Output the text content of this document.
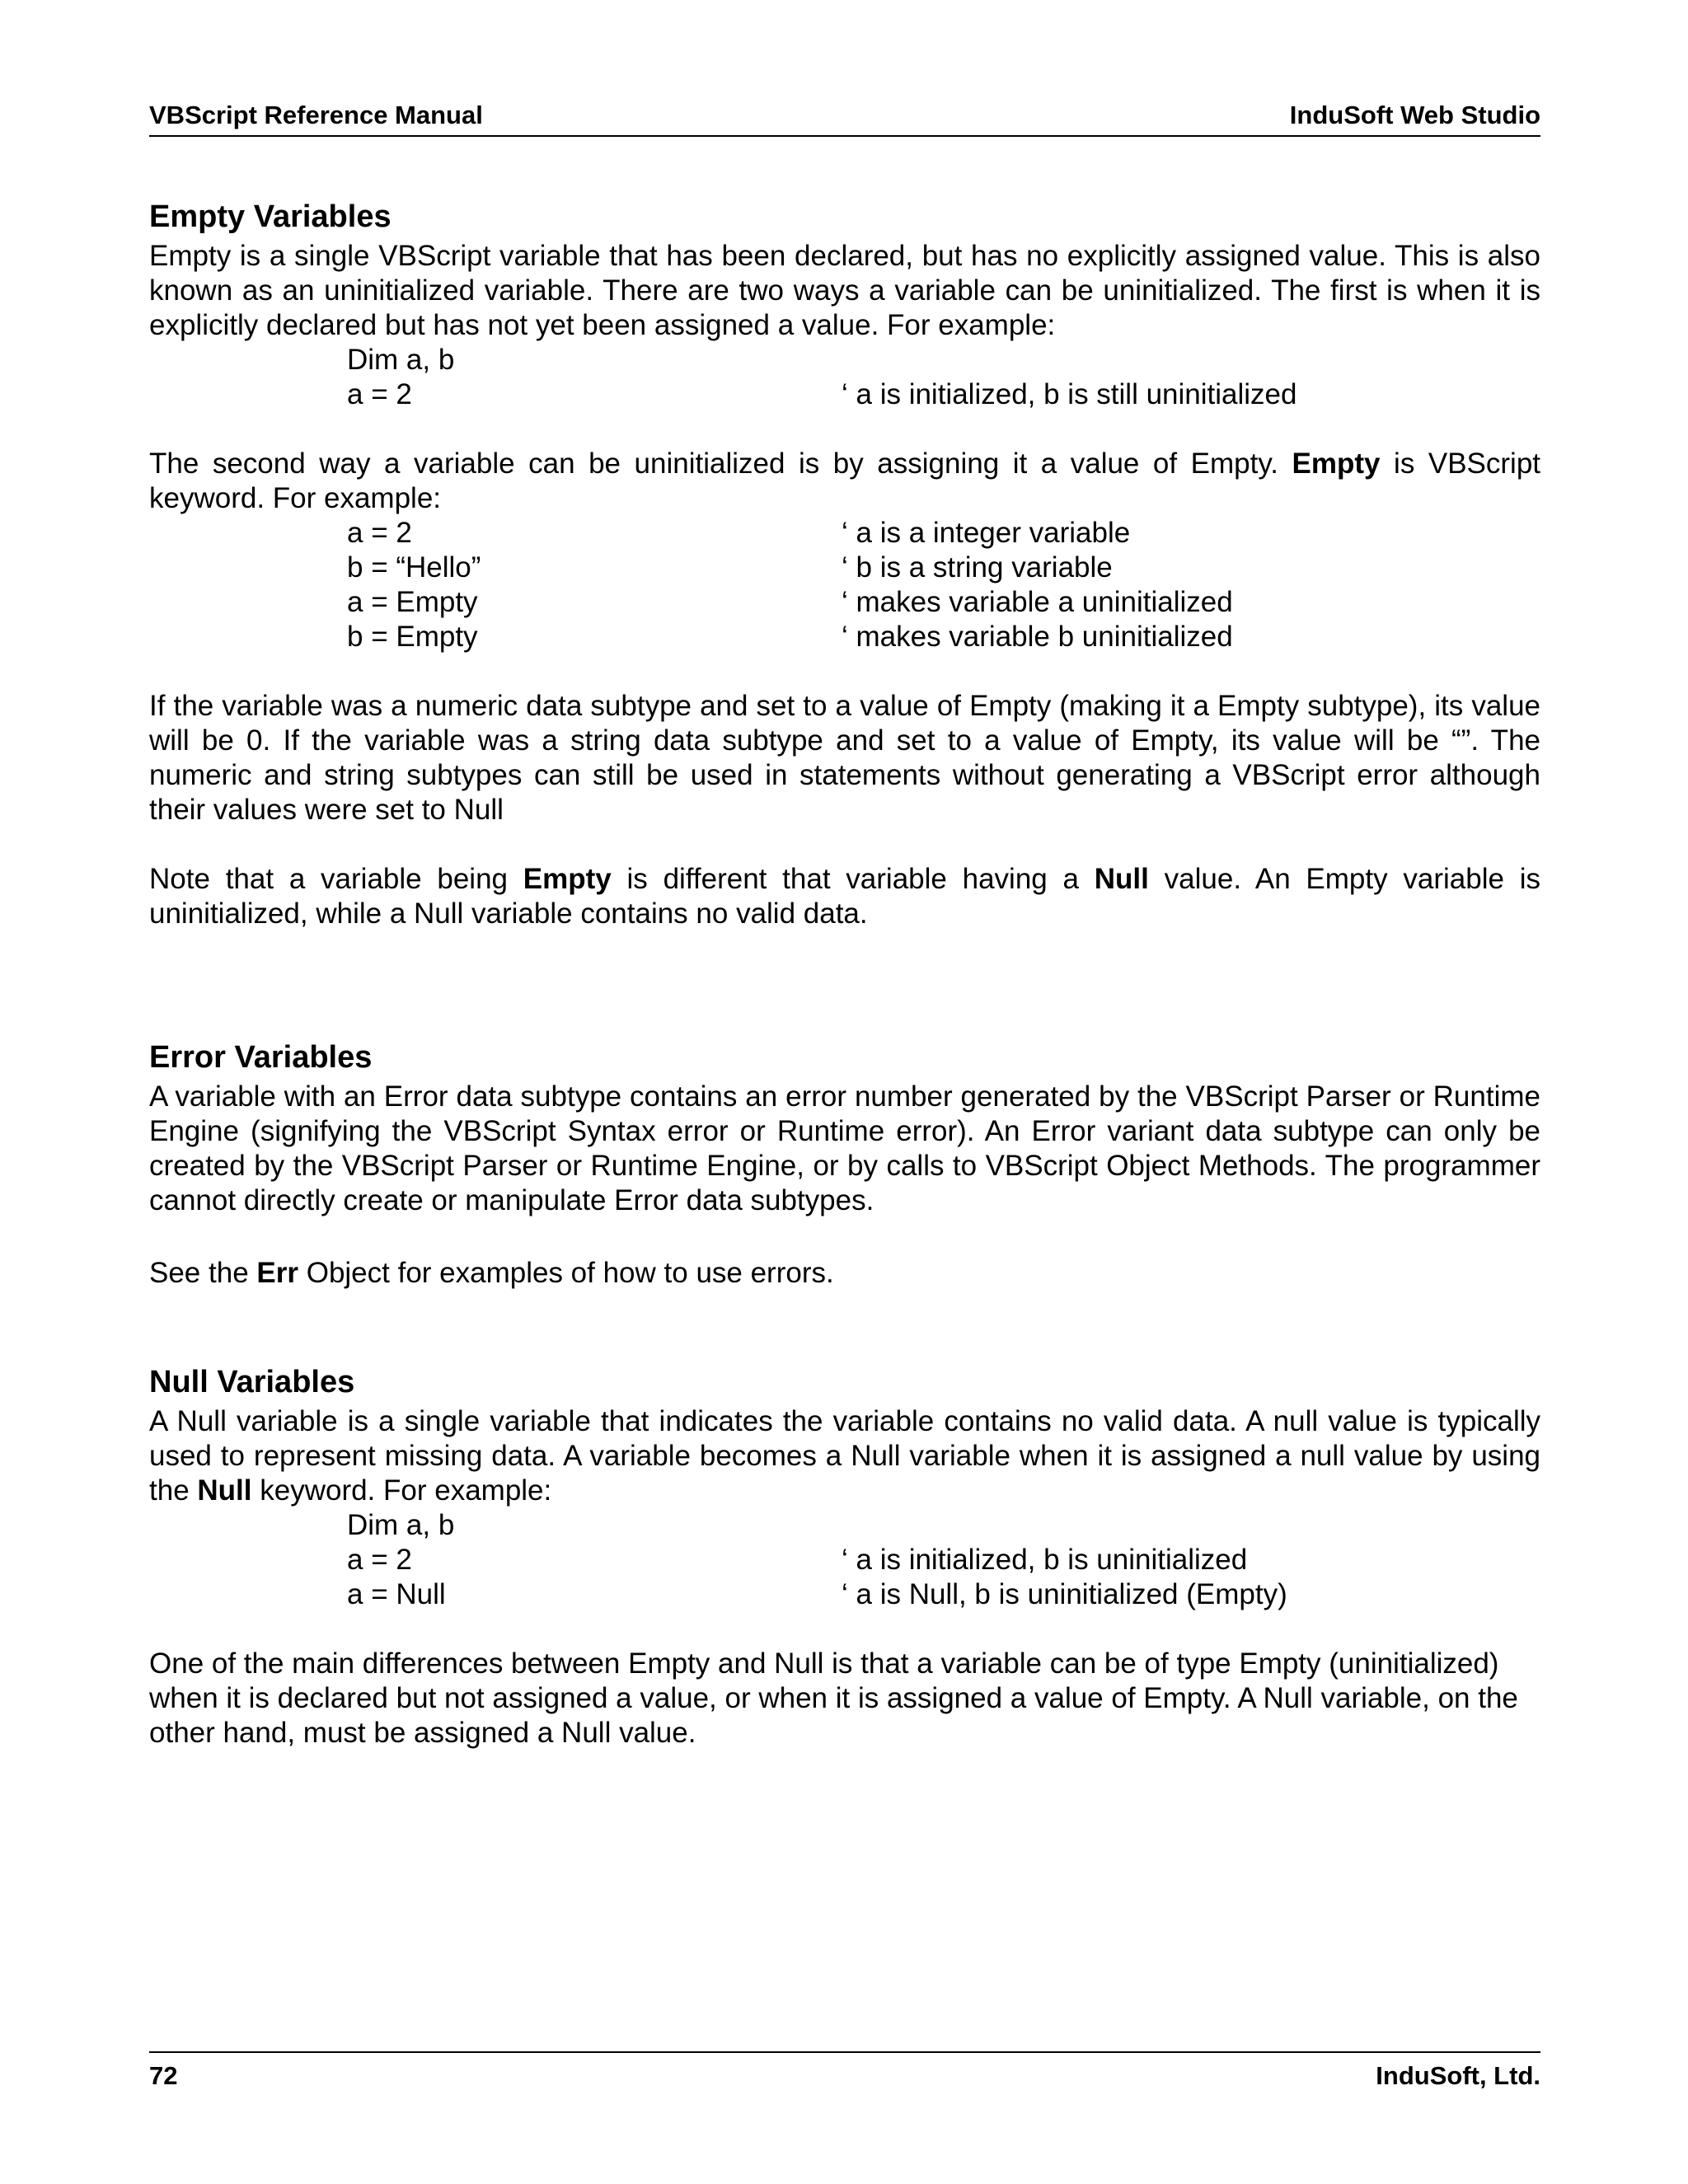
VBScript Reference Manual	InduSoft Web Studio
Empty Variables

Empty is a single VBScript variable that has been declared, but has no explicitly assigned value. This is also known as an uninitialized variable. There are two ways a variable can be uninitialized. The first is when it is explicitly declared but has not yet been assigned a value. For example:

Dim a, b
a = 2	‘ a is initialized, b is still uninitialized

The second way a variable can be uninitialized is by assigning it a value of Empty. Empty is VBScript keyword. For example:

a = 2	‘ a is a integer variable
b = “Hello”	‘ b is a string variable
a = Empty	‘ makes variable a uninitialized
b = Empty	‘ makes variable b uninitialized

If the variable was a numeric data subtype and set to a value of Empty (making it a Empty subtype), its value will be 0. If the variable was a string data subtype and set to a value of Empty, its value will be “”. The numeric and string subtypes can still be used in statements without generating a VBScript error although their values were set to Null

Note that a variable being Empty is different that variable having a Null value. An Empty variable is uninitialized, while a Null variable contains no valid data.

Error Variables

A variable with an Error data subtype contains an error number generated by the VBScript Parser or Runtime Engine (signifying the VBScript Syntax error or Runtime error). An Error variant data subtype can only be created by the VBScript Parser or Runtime Engine, or by calls to VBScript Object Methods. The programmer cannot directly create or manipulate Error data subtypes.

See the Err Object for examples of how to use errors.

Null Variables

A Null variable is a single variable that indicates the variable contains no valid data. A null value is typically used to represent missing data. A variable becomes a Null variable when it is assigned a null value by using the Null keyword. For example:

Dim a, b
a = 2	‘ a is initialized, b is uninitialized
a = Null	‘ a is Null, b is uninitialized (Empty)

One of the main differences between Empty and Null is that a variable can be of type Empty (uninitialized) when it is declared but not assigned a value, or when it is assigned a value of Empty. A Null variable, on the other hand, must be assigned a Null value.

72	InduSoft, Ltd.
